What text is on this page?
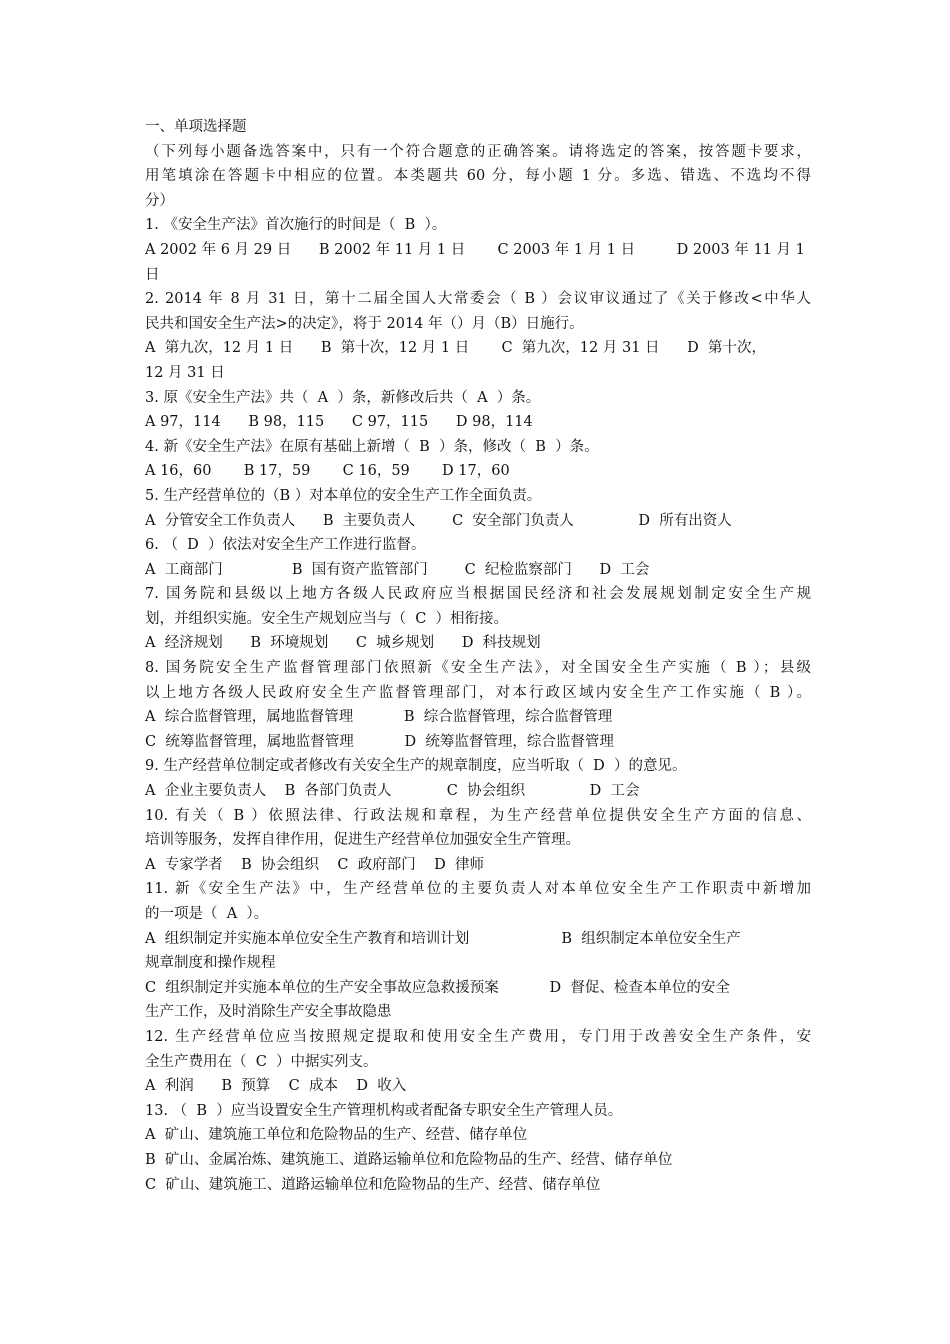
一、单项选择题
（下列每小题备选答案中，只有一个符合题意的正确答案。请将选定的答案，按答题卡要求，
用笔填涂在答题卡中相应的位置。本类题共 60 分，每小题 1 分。多选、错选、不选均不得
分）
1. 《安全生产法》首次施行的时间是（  B  ）。
A 2002 年 6 月 29 日      B 2002 年 11 月 1 日       C 2003 年 1 月 1 日         D 2003 年 11 月 1
日
2. 2014 年 8 月 31 日，第十二届全国人大常委会（ B ）会议审议通过了《关于修改<中华人
民共和国安全生产法>的决定》，将于 2014 年（）月（B）日施行。
A  第九次，12 月 1 日      B  第十次，12 月 1 日       C  第九次，12 月 31 日      D  第十次，
12 月 31 日
3. 原《安全生产法》共（  A  ）条，新修改后共（  A  ）条。
A 97，114      B 98，115      C 97，115      D 98，114
4. 新《安全生产法》在原有基础上新增（  B  ）条，修改（  B  ）条。
A 16，60       B 17，59       C 16，59       D 17，60
5. 生产经营单位的（B ）对本单位的安全生产工作全面负责。
A  分管安全工作负责人      B  主要负责人        C  安全部门负责人              D  所有出资人
6. （  D  ）依法对安全生产工作进行监督。
A  工商部门               B  国有资产监管部门        C  纪检监察部门      D  工会
7. 国务院和县级以上地方各级人民政府应当根据国民经济和社会发展规划制定安全生产规
划，并组织实施。安全生产规划应当与（  C  ）相衔接。
A  经济规划      B  环境规划      C  城乡规划      D  科技规划
8. 国务院安全生产监督管理部门依照新《安全生产法》，对全国安全生产实施（ B ）；县级
以上地方各级人民政府安全生产监督管理部门，对本行政区域内安全生产工作实施（ B ）。
A  综合监督管理，属地监督管理           B  综合监督管理，综合监督管理
C  统筹监督管理，属地监督管理           D  统筹监督管理，综合监督管理
9. 生产经营单位制定或者修改有关安全生产的规章制度，应当听取（  D  ）的意见。
A  企业主要负责人    B  各部门负责人            C  协会组织              D  工会
10. 有关（ B ）依照法律、行政法规和章程，为生产经营单位提供安全生产方面的信息、
培训等服务，发挥自律作用，促进生产经营单位加强安全生产管理。
A  专家学者    B  协会组织    C  政府部门    D  律师
11. 新《安全生产法》中，生产经营单位的主要负责人对本单位安全生产工作职责中新增加
的一项是（  A  ）。
A  组织制定并实施本单位安全生产教育和培训计划                    B  组织制定本单位安全生产
规章制度和操作规程
C  组织制定并实施本单位的生产安全事故应急救援预案           D  督促、检查本单位的安全
生产工作，及时消除生产安全事故隐患
12. 生产经营单位应当按照规定提取和使用安全生产费用，专门用于改善安全生产条件，安
全生产费用在（  C  ）中据实列支。
A  利润      B  预算    C  成本    D  收入
13. （  B  ）应当设置安全生产管理机构或者配备专职安全生产管理人员。
A  矿山、建筑施工单位和危险物品的生产、经营、储存单位
B  矿山、金属冶炼、建筑施工、道路运输单位和危险物品的生产、经营、储存单位
C  矿山、建筑施工、道路运输单位和危险物品的生产、经营、储存单位
